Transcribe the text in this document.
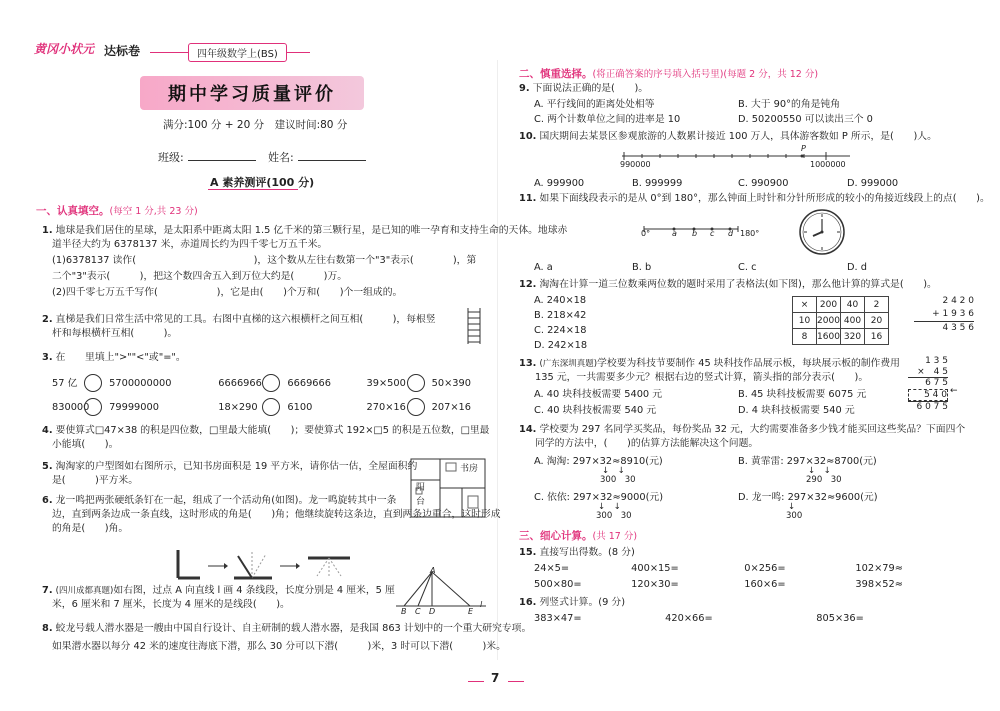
黄冈小状元 达标卷	四年级数学上(BS)
期中学习质量评价
满分:100 分 + 20 分　建议时间:80 分
班级:	姓名:
A 素养测评(100 分)
一、认真填空。(每空 1 分,共 23 分)
1. 地球是我们居住的星球，是太阳系中距离太阳 1.5 亿千米的第三颗行星，是已知的唯一孕育和支持生命的天体。地球赤
道半径大约为 6378137 米，赤道周长约为四千零七万五千米。
(1)6378137 读作(　　　　　　　　　　　　)，这个数从左往右数第一个"3"表示(　　　　)，第
二个"3"表示(　　　)，把这个数四舍五入到万位大约是(　　　)万。
(2)四千零七万五千写作(　　　　　　)，它是由(　　)个万和(　　)个一组成的。
2. 直梯是我们日常生活中常见的工具。右图中直梯的这六根横杆之间互相(　　　)，每根竖
杆和每根横杆互相(　　　)。
3. 在　　里填上">""<"或"="。
57 亿	5700000000	6666966	6669666	39×500	50×390
830000 79999000	18×290	6100	270×16	207×16
4. 要使算式□47×38 的积是四位数，□里最大能填(　　)；要使算式 192×□5 的积是五位数，□里最
小能填(　　)。
5. 淘淘家的户型图如右图所示，已知书房面积是 19 平方米，请你估一估，全屋面积约
是(　　　)平方米。
书房
阳
台
6. 龙一鸣把两张硬纸条钉在一起，组成了一个活动角(如图)。龙一鸣旋转其中一条
边，直到两条边成一条直线，这时形成的角是(　　)角；他继续旋转这条边，直到两条边重合，这时形成
的角是(　　)角。
7. (四川成都真题)如右图，过点 A 向直线 l 画 4 条线段，长度分别是 4 厘米，5 厘
米，6 厘米和 7 厘米，长度为 4 厘米的是线段(　　)。
A
B C D	E
l
8. 蛟龙号载人潜水器是一艘由中国自行设计、自主研制的载人潜水器，是我国 863 计划中的一个重大研究专项。
如果潜水器以每分 42 米的速度往海底下潜，那么 30 分可以下潜(　　　)米，3 时可以下潜(　　　)米。
二、慎重选择。(将正确答案的序号填入括号里)(每题 2 分，共 12 分)
9. 下面说法正确的是(　　)。
A. 平行线间的距离处处相等	B. 大于 90°的角是钝角
C. 两个计数单位之间的进率是 10	D. 50200550 可以读出三个 0
10. 国庆期间去某景区参观旅游的人数累计接近 100 万人，具体游客数如 P 所示，是(　　)人。
P
990000	1000000
A. 999900	B. 999999	C. 990900	D. 999000
11. 如果下面线段表示的是从 0°到 180°，那么钟面上时针和分针所形成的较小的角接近线段上的点(　　)。
0°	a b c d 180°
A. a	B. b	C. c	D. d
12. 淘淘在计算一道三位数乘两位数的题时采用了表格法(如下图)，那么他计算的算式是(　　)。
A. 240×18
B. 218×42
C. 224×18
D. 242×18
×	200	40	2
10	2000	400	20
8	1600	320	16
2 4 2 0
+ 1 9 3 6
4 3 5 6
13. (广东深圳真题)学校要为科技节要制作 45 块科技作品展示板，每块展示板的制作费用
135 元，一共需要多少元？根据右边的竖式计算，箭头指的部分表示(　　)。
A. 40 块科技板需要 5400 元	B. 45 块科技板需要 6075 元
C. 40 块科技板需要 540 元	D. 4 块科技板需要 540 元
1 3 5
×　4 5
6 7 5
5 4 0
6 0 7 5
←
14. 学校要为 297 名同学买奖品，每份奖品 32 元，大约需要准备多少钱才能买回这些奖品？下面四个
同学的方法中，(　　)的估算方法能解决这个问题。
A. 淘淘: 297×32≈8910(元)
↓　↓
300　30
B. 黄霏雷: 297×32≈8700(元)
↓　↓
290　30
C. 依依: 297×32≈9000(元)
↓　↓
300　30
D. 龙一鸣: 297×32≈9600(元)
↓
300
三、细心计算。(共 17 分)
15. 直接写出得数。(8 分)
24×5=	400×15=	0×256=	102×79≈
500×80=	120×30=	160×6=	398×52≈
16. 列竖式计算。(9 分)
383×47=	420×66=	805×36=
7
